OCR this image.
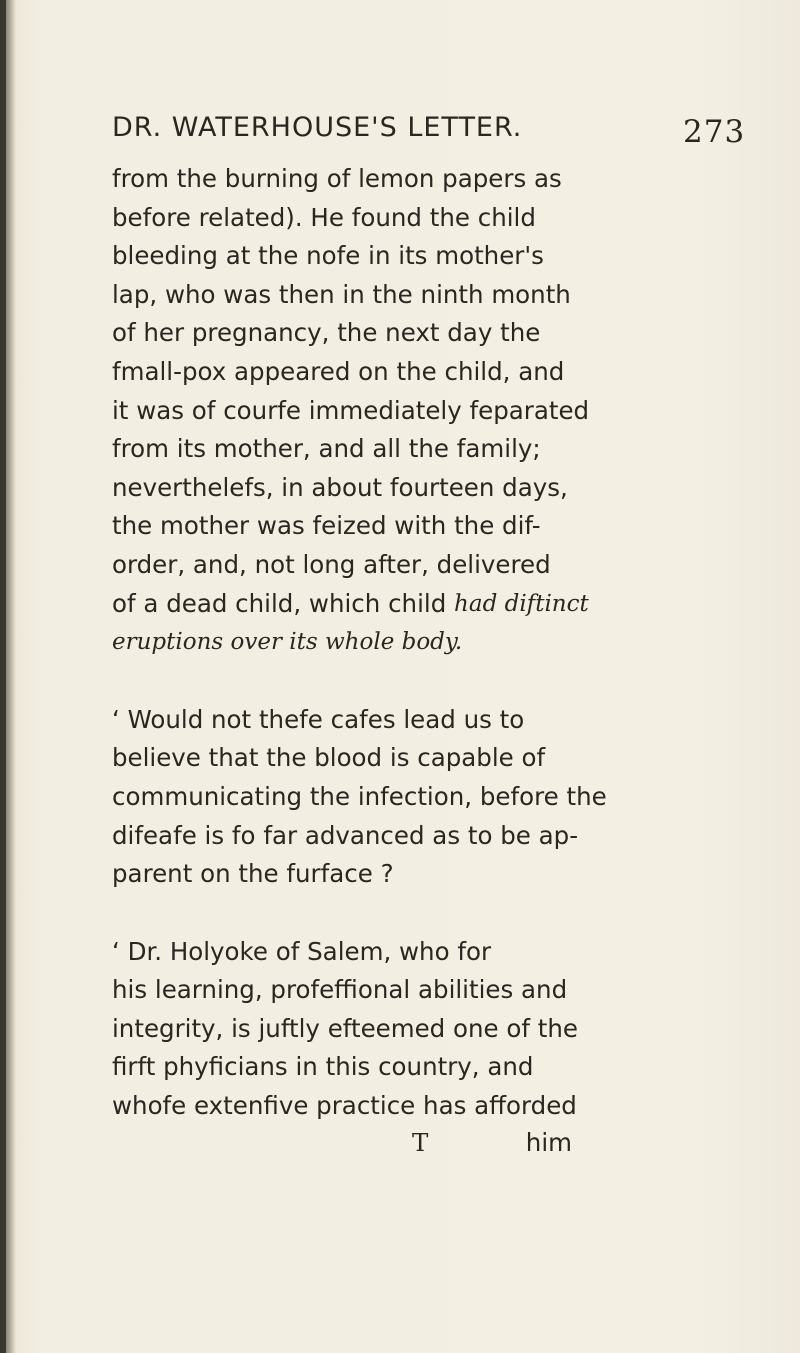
DR. WATERHOUSE'S LETTER.	273
from the burning of lemon papers as
before related). He found the child
bleeding at the nofe in its mother's
lap, who was then in the ninth month
of her pregnancy, the next day the
fmall-pox appeared on the child, and
it was of courfe immediately feparated
from its mother, and all the family;
neverthelefs, in about fourteen days,
the mother was feized with the dif-
order, and, not long after, delivered
of a dead child, which child
had diftinct
eruptions over its whole body.
‘ Would not thefe cafes lead us to
believe that the blood is capable of
communicating the infection, before the
difeafe is fo far advanced as to be ap-
parent on the furface ?
‘ Dr. Holyoke of Salem, who for
his learning, profeffional abilities and
integrity, is juftly efteemed one of the
firft phyficians in this country, and
whofe extenfive practice has afforded
T	him
